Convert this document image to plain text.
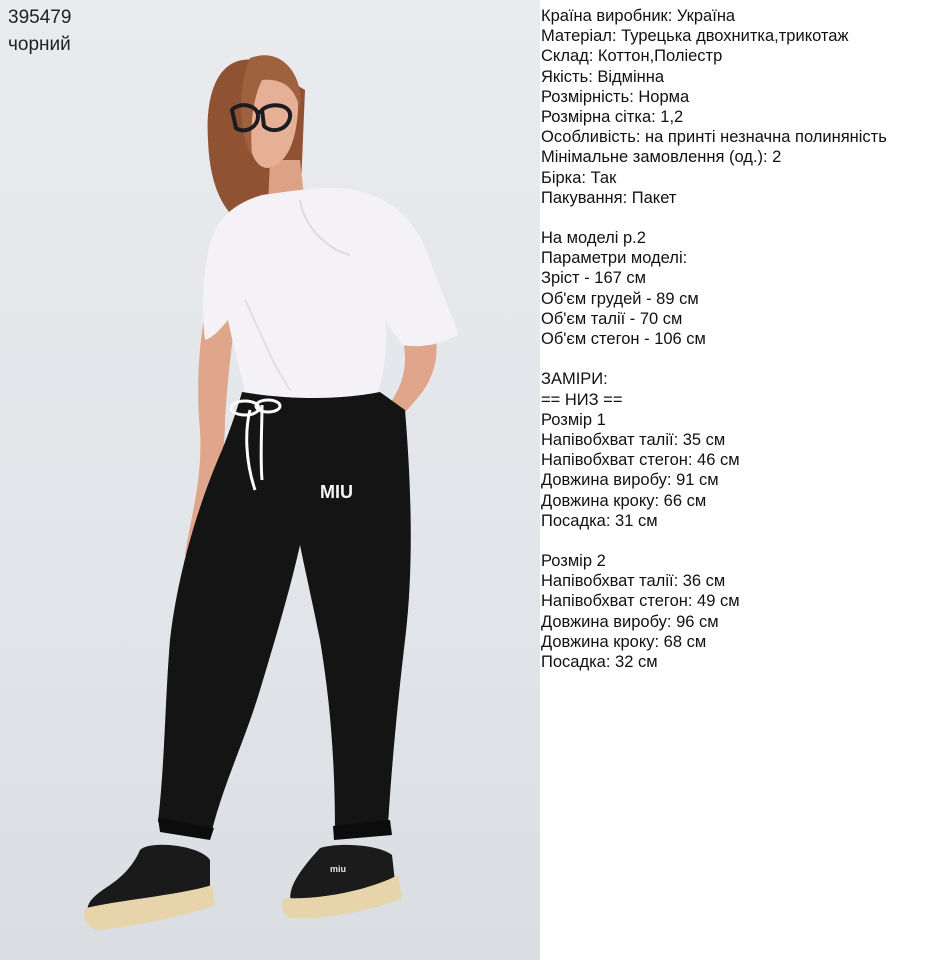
MIU
miu
395479
чорний
Країна виробник: Україна
Матеріал: Турецька двохнитка,трикотаж
Склад: Коттон,Поліестр
Якість: Відмінна
Розмірність: Норма
Розмірна сітка: 1,2
Особливість: на принті незначна полиняність
Мінімальне замовлення (од.): 2
Бірка: Так
Пакування: Пакет
На моделі р.2
Параметри моделі:
Зріст - 167 см
Об'єм грудей - 89 см
Об'єм талії - 70 см
Об'єм стегон - 106 см
ЗАМІРИ:
== НИЗ ==
Розмір 1
Напівобхват талії: 35 см
Напівобхват стегон: 46 см
Довжина виробу: 91 см
Довжина кроку: 66 см
Посадка: 31 см
Розмір 2
Напівобхват талії: 36 см
Напівобхват стегон: 49 см
Довжина виробу: 96 см
Довжина кроку: 68 см
Посадка: 32 см
